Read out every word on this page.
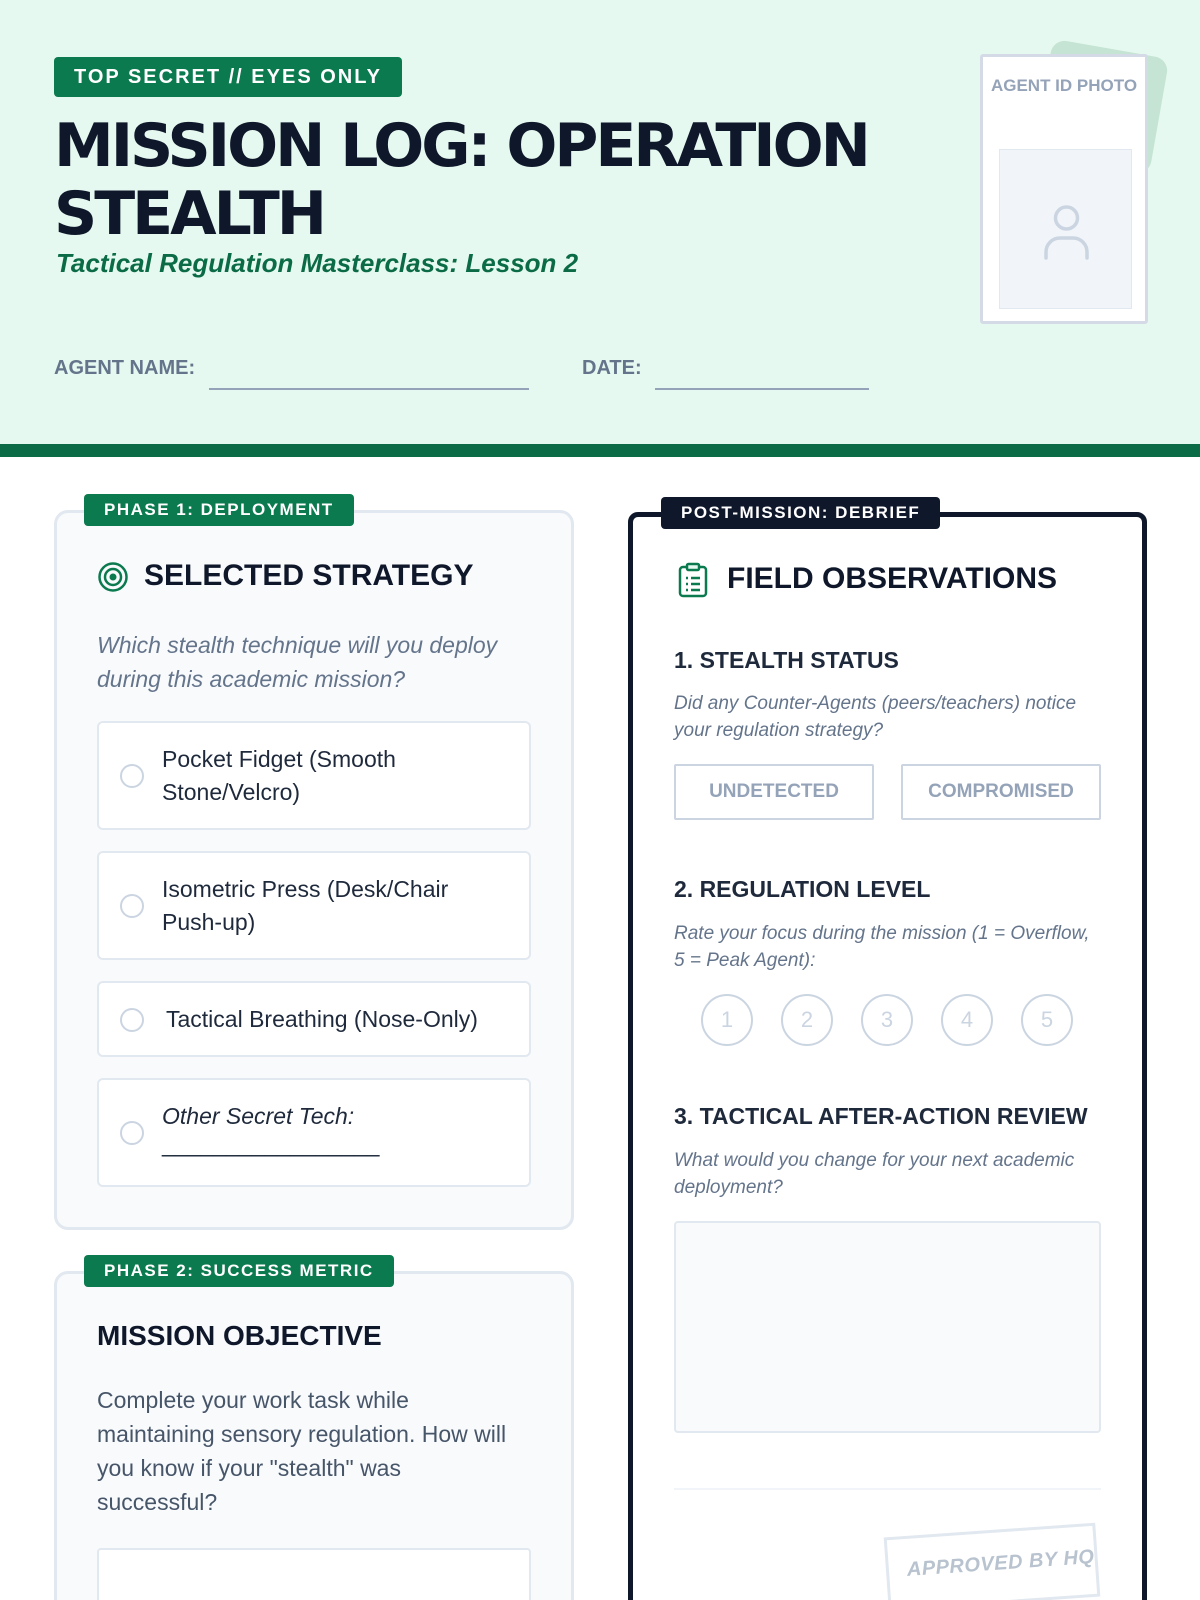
TOP SECRET // EYES ONLY
MISSION LOG: OPERATION STEALTH
Tactical Regulation Masterclass: Lesson 2
AGENT NAME:	DATE:
AGENT ID PHOTO
PHASE 1: DEPLOYMENT
SELECTED STRATEGY
Which stealth technique will you deploy during this academic mission?
Pocket Fidget (Smooth Stone/Velcro)
Isometric Press (Desk/Chair Push-up)
Tactical Breathing (Nose-Only)
Other Secret Tech:
_________________
PHASE 2: SUCCESS METRIC
MISSION OBJECTIVE
Complete your work task while maintaining sensory regulation. How will you know if your "stealth" was successful?
POST-MISSION: DEBRIEF
FIELD OBSERVATIONS
1. STEALTH STATUS
Did any Counter-Agents (peers/teachers) notice your regulation strategy?
UNDETECTED	COMPROMISED
2. REGULATION LEVEL
Rate your focus during the mission (1 = Overflow, 5 = Peak Agent):
1	2	3	4	5
3. TACTICAL AFTER-ACTION REVIEW
What would you change for your next academic deployment?
APPROVED BY HQ
